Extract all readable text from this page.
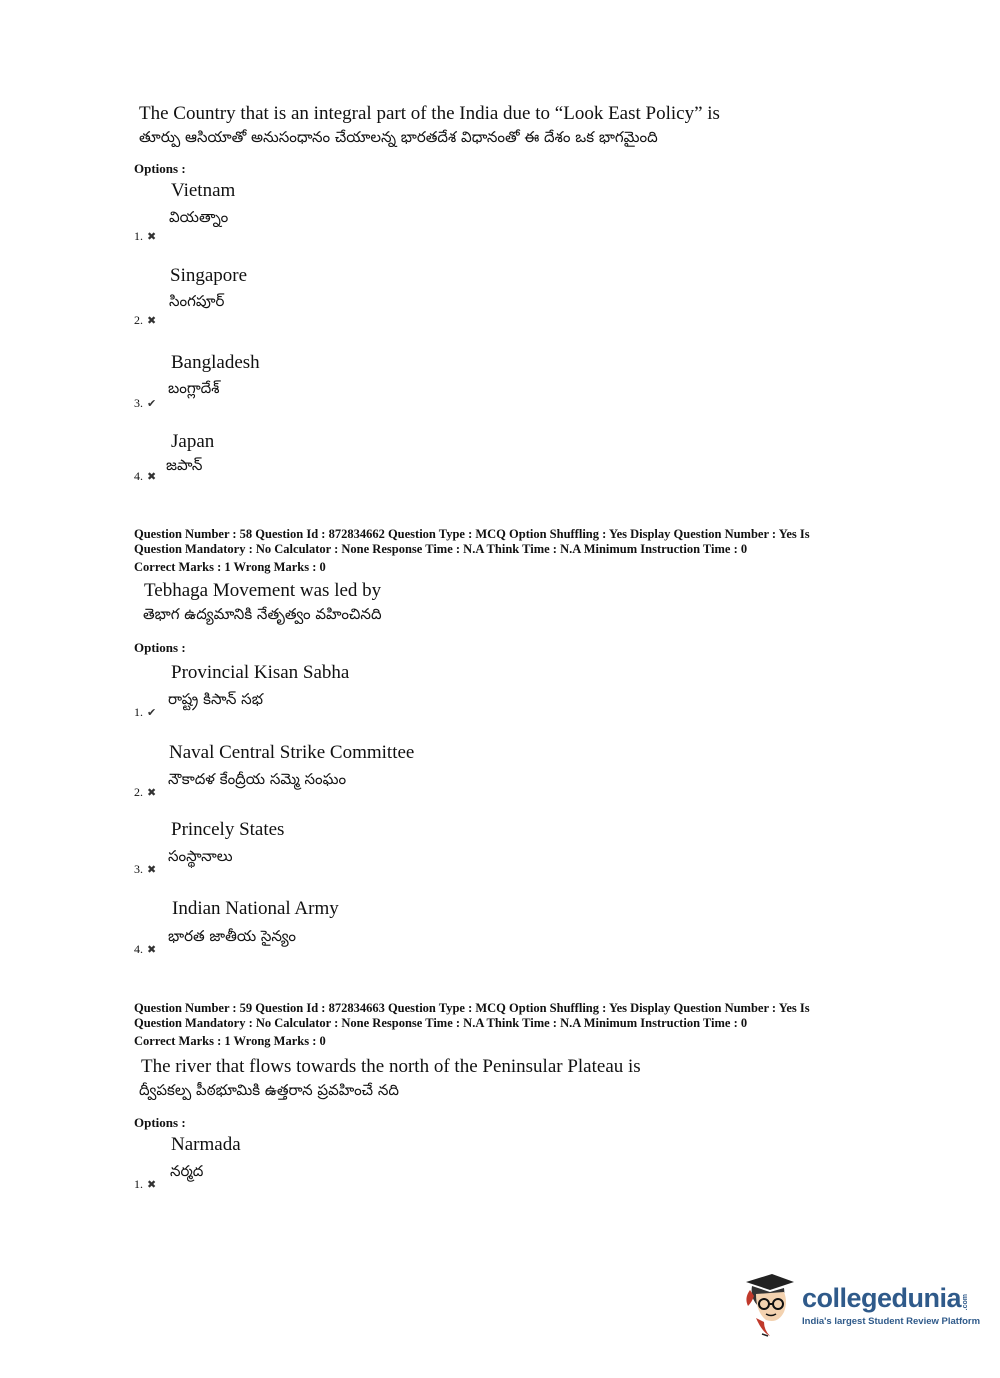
The Country that is an integral part of the India due to “Look East Policy” is
తూర్పు ఆసియాతో అనుసంధానం చేయాలన్న భారతదేశ విధానంతో ఈ దేశం ఒక భాగమైంది
Options :
Vietnam
వియత్నాం
1. ✖
Singapore
సింగపూర్
2. ✖
Bangladesh
బంగ్లాదేశ్
3. ✔
Japan
జపాన్
4. ✖
Question Number : 58 Question Id : 872834662 Question Type : MCQ Option Shuffling : Yes Display Question Number : Yes Is
Question Mandatory : No Calculator : None Response Time : N.A Think Time : N.A Minimum Instruction Time : 0
Correct Marks : 1 Wrong Marks : 0
Tebhaga Movement was led by
తెభాగ ఉద్యమానికి నేతృత్వం వహించినది
Options :
Provincial Kisan Sabha
రాష్ట్ర కిసాన్ సభ
1. ✔
Naval Central Strike Committee
నౌకాదళ కేంద్రీయ సమ్మె సంఘం
2. ✖
Princely States
సంస్థానాలు
3. ✖
Indian National Army
భారత జాతీయ సైన్యం
4. ✖
Question Number : 59 Question Id : 872834663 Question Type : MCQ Option Shuffling : Yes Display Question Number : Yes Is
Question Mandatory : No Calculator : None Response Time : N.A Think Time : N.A Minimum Instruction Time : 0
Correct Marks : 1 Wrong Marks : 0
The river that flows towards the north of the Peninsular Plateau is
ద్వీపకల్ప పీఠభూమికి ఉత్తరాన ప్రవహించే నది
Options :
Narmada
నర్మద
1. ✖
collegedunia .com
India's largest Student Review Platform
